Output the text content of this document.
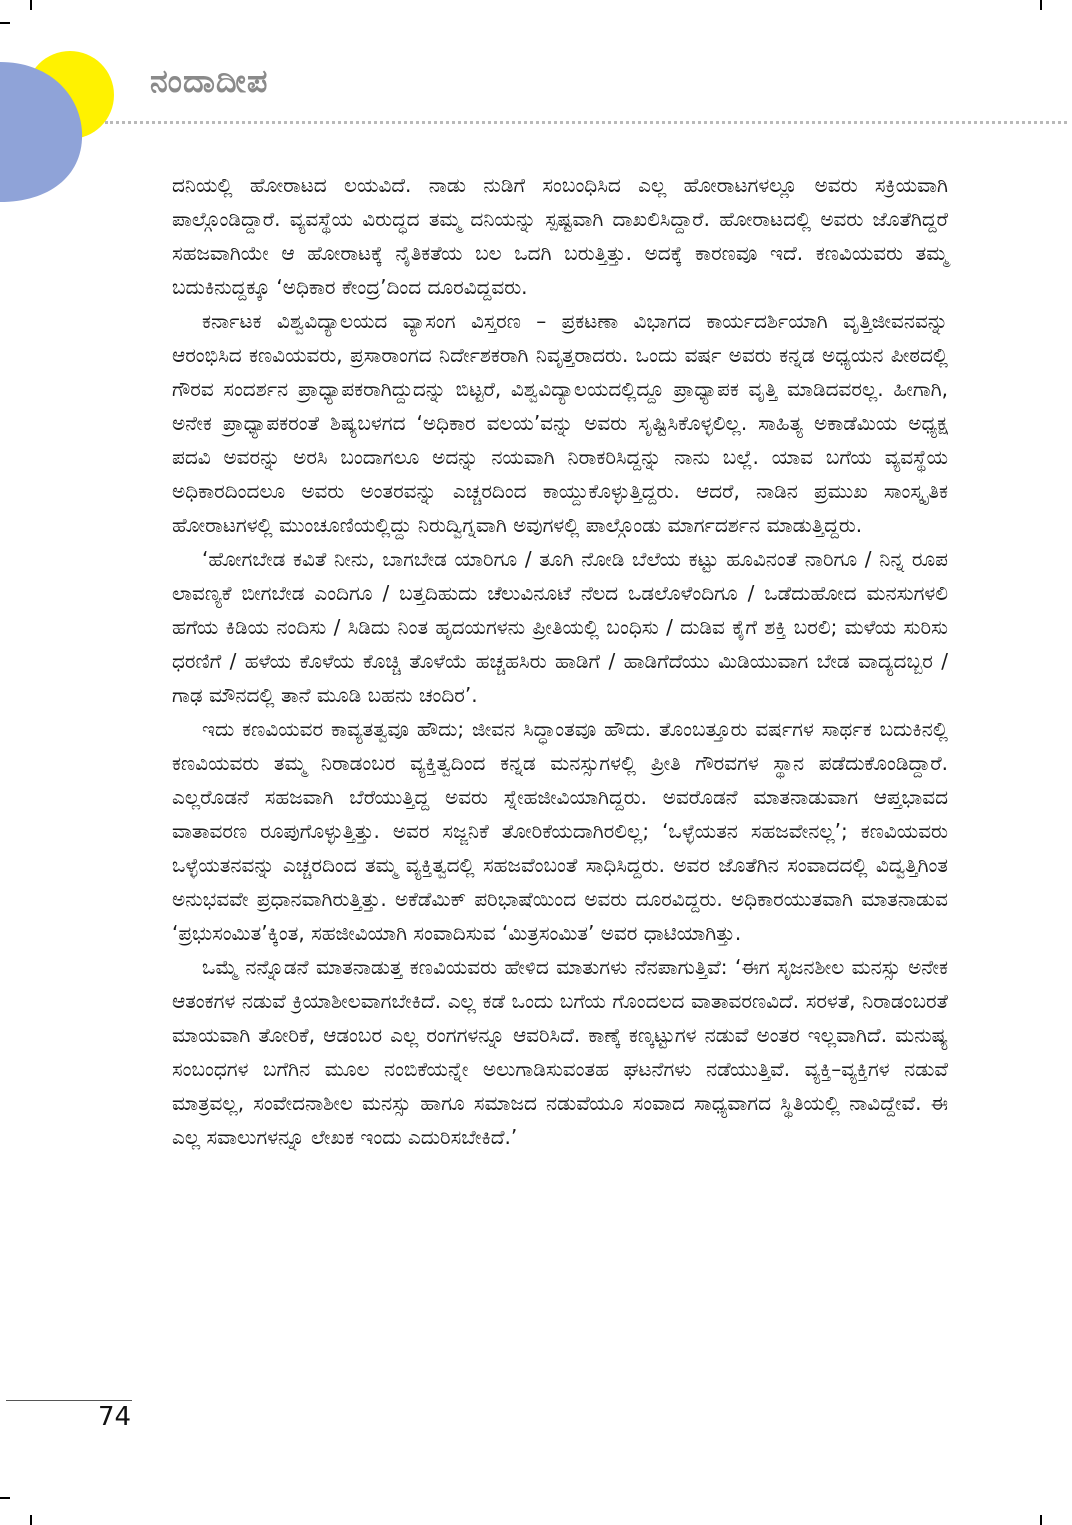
ನಂದಾದೀಪ

ದನಿಯಲ್ಲಿ ಹೋರಾಟದ ಲಯವಿದೆ. ನಾಡು ನುಡಿಗೆ ಸಂಬಂಧಿಸಿದ ಎಲ್ಲ ಹೋರಾಟಗಳಲ್ಲೂ ಅವರು ಸಕ್ರಿಯವಾಗಿ ಪಾಲ್ಗೊಂಡಿದ್ದಾರೆ. ವ್ಯವಸ್ಥೆಯ ವಿರುದ್ಧದ ತಮ್ಮ ದನಿಯನ್ನು ಸ್ಪಷ್ಟವಾಗಿ ದಾಖಲಿಸಿದ್ದಾರೆ. ಹೋರಾಟದಲ್ಲಿ ಅವರು ಜೊತೆಗಿದ್ದರೆ ಸಹಜವಾಗಿಯೇ ಆ ಹೋರಾಟಕ್ಕೆ ನೈತಿಕತೆಯ ಬಲ ಒದಗಿ ಬರುತ್ತಿತ್ತು. ಅದಕ್ಕೆ ಕಾರಣವೂ ಇದೆ. ಕಣವಿಯವರು ತಮ್ಮ ಬದುಕಿನುದ್ದಕ್ಕೂ ‘ಅಧಿಕಾರ ಕೇಂದ್ರ’ದಿಂದ ದೂರವಿದ್ದವರು.

ಕರ್ನಾಟಕ ವಿಶ್ವವಿದ್ಯಾಲಯದ ವ್ಯಾಸಂಗ ವಿಸ್ತರಣ – ಪ್ರಕಟಣಾ ವಿಭಾಗದ ಕಾರ್ಯದರ್ಶಿಯಾಗಿ ವೃತ್ತಿಜೀವನವನ್ನು ಆರಂಭಿಸಿದ ಕಣವಿಯವರು, ಪ್ರಸಾರಾಂಗದ ನಿರ್ದೇಶಕರಾಗಿ ನಿವೃತ್ತರಾದರು. ಒಂದು ವರ್ಷ ಅವರು ಕನ್ನಡ ಅಧ್ಯಯನ ಪೀಠದಲ್ಲಿ ಗೌರವ ಸಂದರ್ಶನ ಪ್ರಾಧ್ಯಾಪಕರಾಗಿದ್ದುದನ್ನು ಬಿಟ್ಟರೆ, ವಿಶ್ವವಿದ್ಯಾಲಯದಲ್ಲಿದ್ದೂ ಪ್ರಾಧ್ಯಾಪಕ ವೃತ್ತಿ ಮಾಡಿದವರಲ್ಲ. ಹೀಗಾಗಿ, ಅನೇಕ ಪ್ರಾಧ್ಯಾಪಕರಂತೆ ಶಿಷ್ಯಬಳಗದ ‘ಅಧಿಕಾರ ವಲಯ’ವನ್ನು ಅವರು ಸೃಷ್ಟಿಸಿಕೊಳ್ಳಲಿಲ್ಲ. ಸಾಹಿತ್ಯ ಅಕಾಡೆಮಿಯ ಅಧ್ಯಕ್ಷ ಪದವಿ ಅವರನ್ನು ಅರಸಿ ಬಂದಾಗಲೂ ಅದನ್ನು ನಯವಾಗಿ ನಿರಾಕರಿಸಿದ್ದನ್ನು ನಾನು ಬಲ್ಲೆ. ಯಾವ ಬಗೆಯ ವ್ಯವಸ್ಥೆಯ ಅಧಿಕಾರದಿಂದಲೂ ಅವರು ಅಂತರವನ್ನು ಎಚ್ಚರದಿಂದ ಕಾಯ್ದುಕೊಳ್ಳುತ್ತಿದ್ದರು. ಆದರೆ, ನಾಡಿನ ಪ್ರಮುಖ ಸಾಂಸ್ಕೃತಿಕ ಹೋರಾಟಗಳಲ್ಲಿ ಮುಂಚೂಣಿಯಲ್ಲಿದ್ದು ನಿರುದ್ವಿಗ್ನವಾಗಿ ಅವುಗಳಲ್ಲಿ ಪಾಲ್ಗೊಂಡು ಮಾರ್ಗದರ್ಶನ ಮಾಡುತ್ತಿದ್ದರು.

‘ಹೋಗಬೇಡ ಕವಿತೆ ನೀನು, ಬಾಗಬೇಡ ಯಾರಿಗೂ / ತೂಗಿ ನೋಡಿ ಬೆಲೆಯ ಕಟ್ಟು ಹೂವಿನಂತೆ ನಾರಿಗೂ / ನಿನ್ನ ರೂಪ ಲಾವಣ್ಯಕೆ ಬೀಗಬೇಡ ಎಂದಿಗೂ / ಬತ್ತದಿಹುದು ಚೆಲುವಿನೂಟೆ ನೆಲದ ಒಡಲೊಳೆಂದಿಗೂ / ಒಡೆದುಹೋದ ಮನಸುಗಳಲಿ ಹಗೆಯ ಕಿಡಿಯ ನಂದಿಸು / ಸಿಡಿದು ನಿಂತ ಹೃದಯಗಳನು ಪ್ರೀತಿಯಲ್ಲಿ ಬಂಧಿಸು / ದುಡಿವ ಕೈಗೆ ಶಕ್ತಿ ಬರಲಿ; ಮಳೆಯ ಸುರಿಸು ಧರಣಿಗೆ / ಹಳೆಯ ಕೊಳೆಯ ಕೊಚ್ಚಿ ತೊಳೆಯೆ ಹಚ್ಚಹಸಿರು ಹಾಡಿಗೆ / ಹಾಡಿಗೆದೆಯು ಮಿಡಿಯುವಾಗ ಬೇಡ ವಾದ್ಯದಬ್ಬರ / ಗಾಢ ಮೌನದಲ್ಲಿ ತಾನೆ ಮೂಡಿ ಬಹನು ಚಂದಿರ’.

ಇದು ಕಣವಿಯವರ ಕಾವ್ಯತತ್ವವೂ ಹೌದು; ಜೀವನ ಸಿದ್ಧಾಂತವೂ ಹೌದು. ತೊಂಬತ್ತೂರು ವರ್ಷಗಳ ಸಾರ್ಥಕ ಬದುಕಿನಲ್ಲಿ ಕಣವಿಯವರು ತಮ್ಮ ನಿರಾಡಂಬರ ವ್ಯಕ್ತಿತ್ವದಿಂದ ಕನ್ನಡ ಮನಸ್ಸುಗಳಲ್ಲಿ ಪ್ರೀತಿ ಗೌರವಗಳ ಸ್ಥಾನ ಪಡೆದುಕೊಂಡಿದ್ದಾರೆ. ಎಲ್ಲರೊಡನೆ ಸಹಜವಾಗಿ ಬೆರೆಯುತ್ತಿದ್ದ ಅವರು ಸ್ನೇಹಜೀವಿಯಾಗಿದ್ದರು. ಅವರೊಡನೆ ಮಾತನಾಡುವಾಗ ಆಪ್ತಭಾವದ ವಾತಾವರಣ ರೂಪುಗೊಳ್ಳುತ್ತಿತ್ತು. ಅವರ ಸಜ್ಜನಿಕೆ ತೋರಿಕೆಯದಾಗಿರಲಿಲ್ಲ; ‘ಒಳ್ಳೆಯತನ ಸಹಜವೇನಲ್ಲ’; ಕಣವಿಯವರು ಒಳ್ಳೆಯತನವನ್ನು ಎಚ್ಚರದಿಂದ ತಮ್ಮ ವ್ಯಕ್ತಿತ್ವದಲ್ಲಿ ಸಹಜವೆಂಬಂತೆ ಸಾಧಿಸಿದ್ದರು. ಅವರ ಜೊತೆಗಿನ ಸಂವಾದದಲ್ಲಿ ವಿದ್ವತ್ತಿಗಿಂತ ಅನುಭವವೇ ಪ್ರಧಾನವಾಗಿರುತ್ತಿತ್ತು. ಅಕೆಡೆಮಿಕ್ ಪರಿಭಾಷೆಯಿಂದ ಅವರು ದೂರವಿದ್ದರು. ಅಧಿಕಾರಯುತವಾಗಿ ಮಾತನಾಡುವ ‘ಪ್ರಭುಸಂಮಿತ’ಕ್ಕಿಂತ, ಸಹಜೀವಿಯಾಗಿ ಸಂವಾದಿಸುವ ‘ಮಿತ್ರಸಂಮಿತ’ ಅವರ ಧಾಟಿಯಾಗಿತ್ತು.

ಒಮ್ಮೆ ನನ್ನೊಡನೆ ಮಾತನಾಡುತ್ತ ಕಣವಿಯವರು ಹೇಳಿದ ಮಾತುಗಳು ನೆನಪಾಗುತ್ತಿವೆ: ‘ಈಗ ಸೃಜನಶೀಲ ಮನಸ್ಸು ಅನೇಕ ಆತಂಕಗಳ ನಡುವೆ ಕ್ರಿಯಾಶೀಲವಾಗಬೇಕಿದೆ. ಎಲ್ಲ ಕಡೆ ಒಂದು ಬಗೆಯ ಗೊಂದಲದ ವಾತಾವರಣವಿದೆ. ಸರಳತೆ, ನಿರಾಡಂಬರತೆ ಮಾಯವಾಗಿ ತೋರಿಕೆ, ಆಡಂಬರ ಎಲ್ಲ ರಂಗಗಳನ್ನೂ ಆವರಿಸಿದೆ. ಕಾಣ್ಕೆ ಕಣ್ಕಟ್ಟುಗಳ ನಡುವೆ ಅಂತರ ಇಲ್ಲವಾಗಿದೆ. ಮನುಷ್ಯ ಸಂಬಂಧಗಳ ಬಗೆಗಿನ ಮೂಲ ನಂಬಿಕೆಯನ್ನೇ ಅಲುಗಾಡಿಸುವಂತಹ ಘಟನೆಗಳು ನಡೆಯುತ್ತಿವೆ. ವ್ಯಕ್ತಿ–ವ್ಯಕ್ತಿಗಳ ನಡುವೆ ಮಾತ್ರವಲ್ಲ, ಸಂವೇದನಾಶೀಲ ಮನಸ್ಸು ಹಾಗೂ ಸಮಾಜದ ನಡುವೆಯೂ ಸಂವಾದ ಸಾಧ್ಯವಾಗದ ಸ್ಥಿತಿಯಲ್ಲಿ ನಾವಿದ್ದೇವೆ. ಈ ಎಲ್ಲ ಸವಾಲುಗಳನ್ನೂ ಲೇಖಕ ಇಂದು ಎದುರಿಸಬೇಕಿದೆ.’

74
